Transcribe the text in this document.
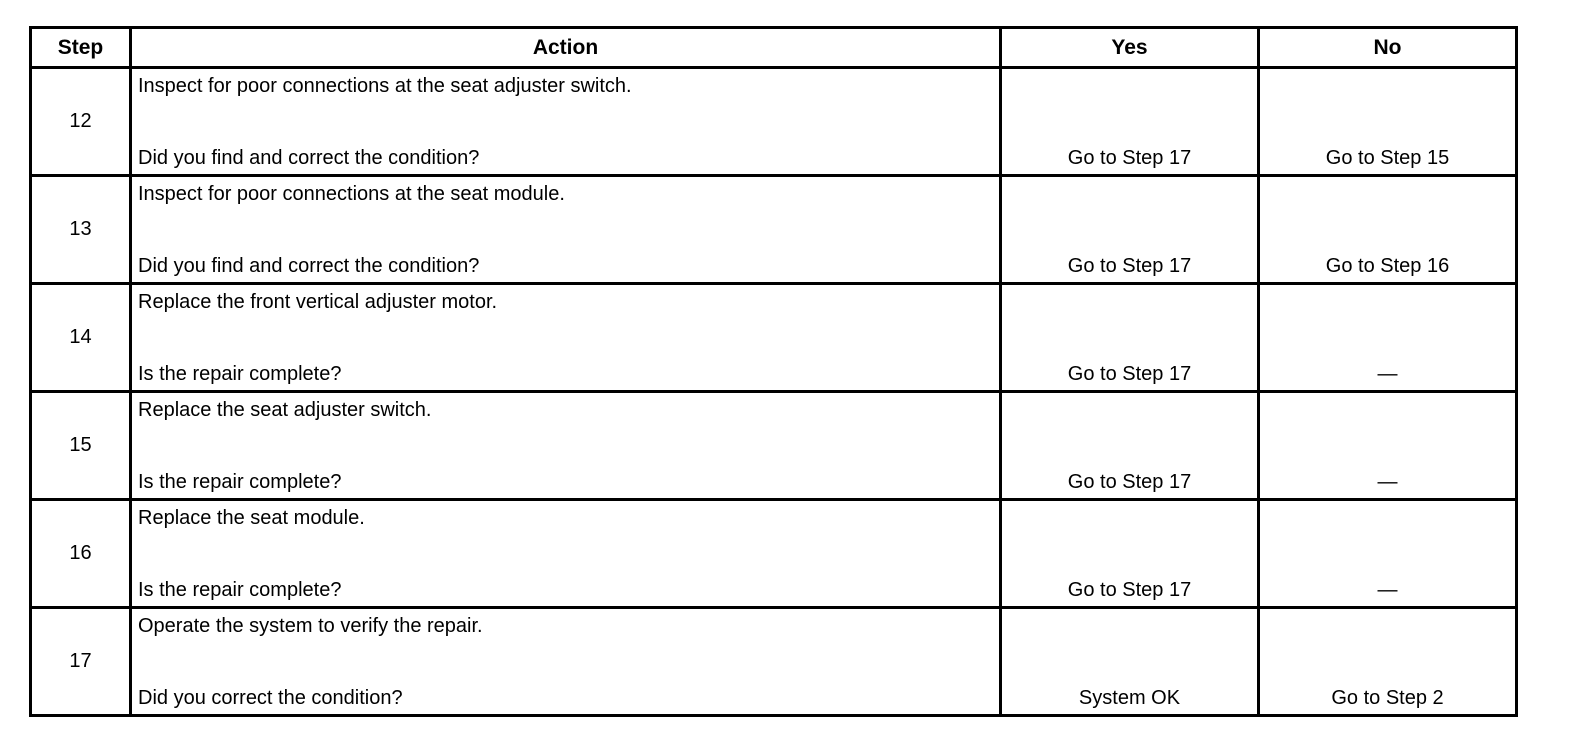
Step	Action	Yes	No
12	Inspect for poor connections at the seat adjuster switch.
Did you find and correct the condition?	Go to Step 17	Go to Step 15

13	Inspect for poor connections at the seat module.
Did you find and correct the condition?	Go to Step 17	Go to Step 16

14	Replace the front vertical adjuster motor.
Is the repair complete?	Go to Step 17	—

15	Replace the seat adjuster switch.
Is the repair complete?	Go to Step 17	—

16	Replace the seat module.
Is the repair complete?	Go to Step 17	—

17	Operate the system to verify the repair.
Did you correct the condition?	System OK	Go to Step 2
